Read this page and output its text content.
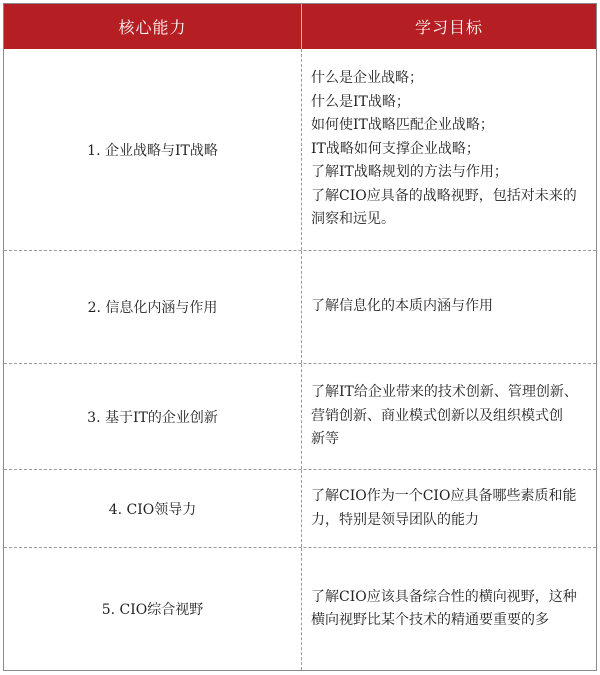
核心能力	学习目标
1. 企业战略与IT战略
什么是企业战略；
什么是IT战略；
如何使IT战略匹配企业战略；
IT战略如何支撑企业战略；
了解IT战略规划的方法与作用；
了解CIO应具备的战略视野，包括对未来的
洞察和远见。
2. 信息化内涵与作用	了解信息化的本质内涵与作用
3. 基于IT的企业创新
了解IT给企业带来的技术创新、管理创新、
营销创新、商业模式创新以及组织模式创
新等
4. CIO领导力
了解CIO作为一个CIO应具备哪些素质和能
力，特别是领导团队的能力
5. CIO综合视野
了解CIO应该具备综合性的横向视野，这种
横向视野比某个技术的精通要重要的多
